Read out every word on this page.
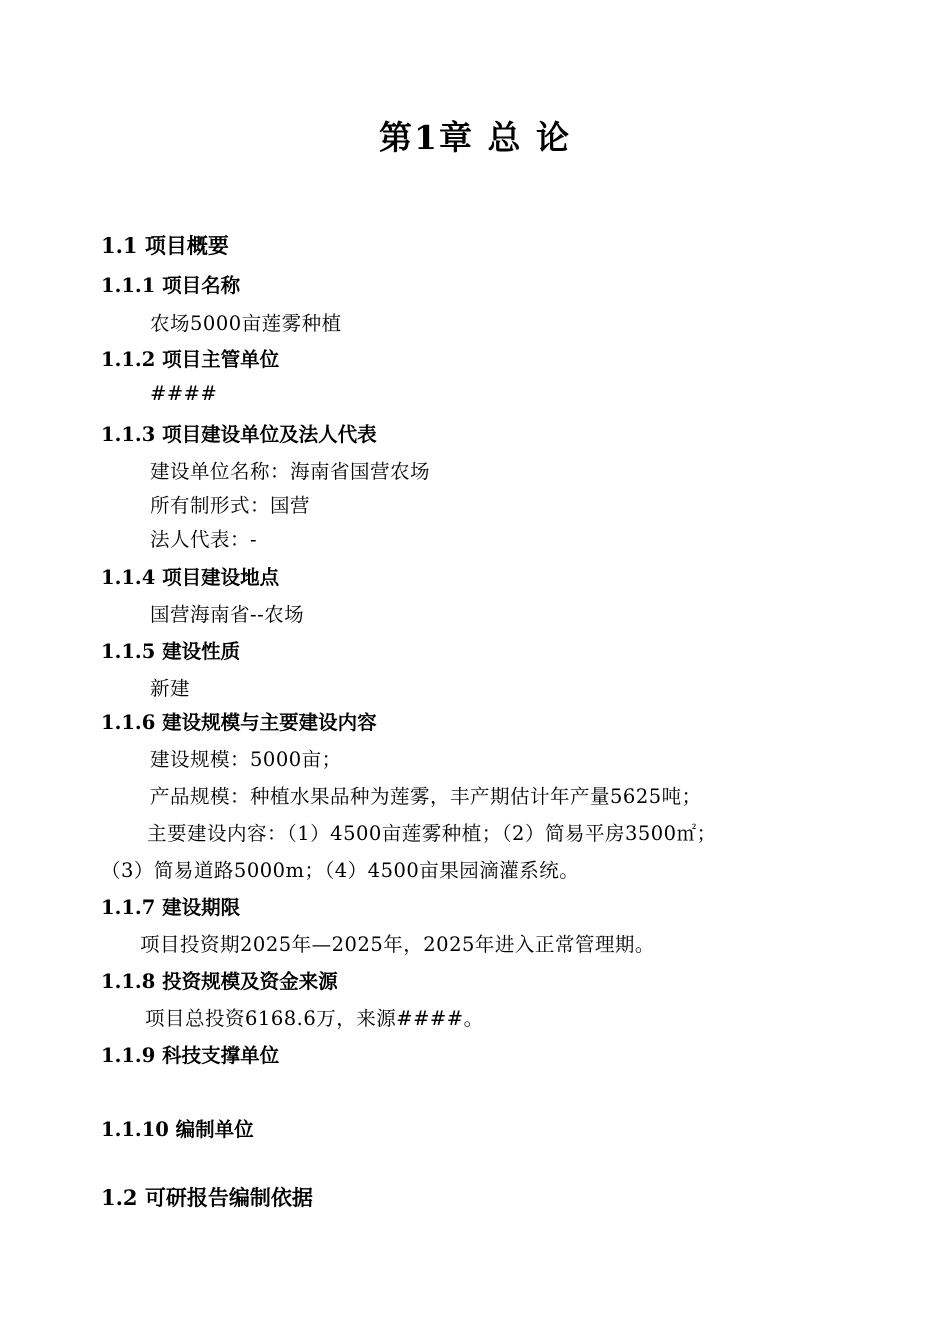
第1章 总 论
1.1 项目概要
1.1.1 项目名称

农场5000亩莲雾种植

1.1.2 项目主管单位

####

1.1.3 项目建设单位及法人代表

建设单位名称：海南省国营农场

所有制形式：国营

法人代表：-

1.1.4 项目建设地点

国营海南省--农场

1.1.5 建设性质

新建

1.1.6 建设规模与主要建设内容

建设规模：5000亩；

产品规模：种植水果品种为莲雾，丰产期估计年产量5625吨；

主要建设内容：（1）4500亩莲雾种植；（2）简易平房3500㎡；

（3）简易道路5000m；（4）4500亩果园滴灌系统。

1.1.7 建设期限

项目投资期2025年—2025年，2025年进入正常管理期。

1.1.8 投资规模及资金来源

项目总投资6168.6万，来源####。

1.1.9 科技支撑单位
1.1.10 编制单位
1.2 可研报告编制依据
